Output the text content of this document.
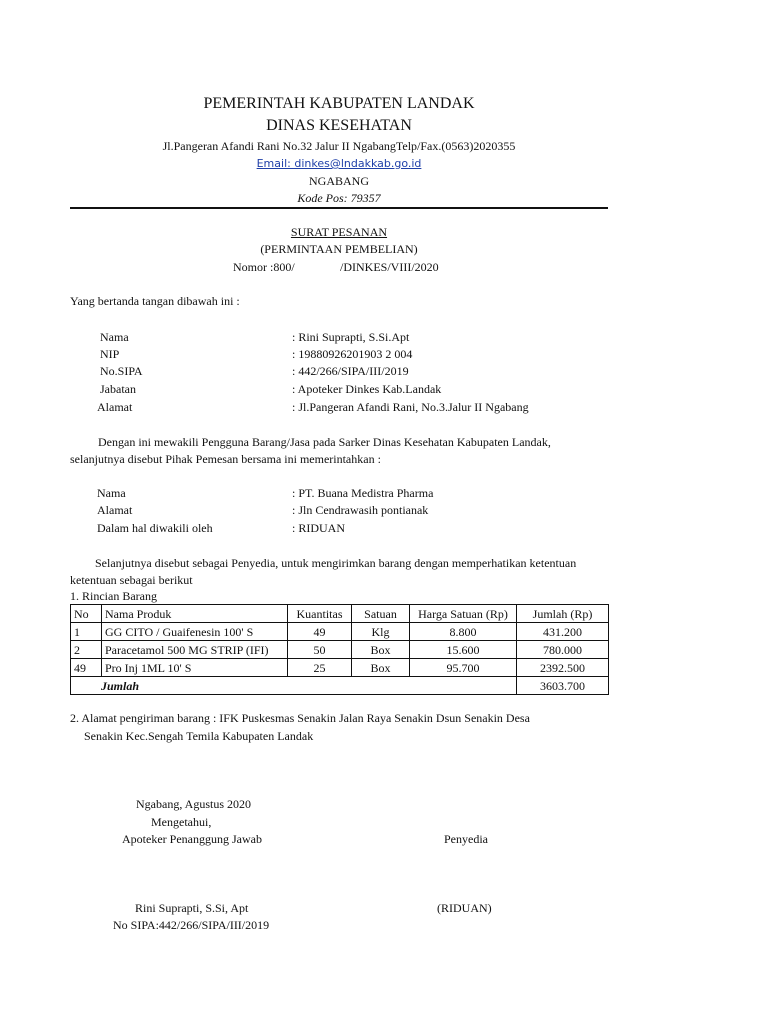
PEMERINTAH KABUPATEN LANDAK
DINAS KESEHATAN
Jl.Pangeran Afandi Rani No.32 Jalur II NgabangTelp/Fax.(0563)2020355
Email: dinkes@lndakkab.go.id
NGABANG
Kode Pos: 79357
SURAT PESANAN
(PERMINTAAN PEMBELIAN)
Nomor :800/	/DINKES/VIII/2020
Yang bertanda tangan dibawah ini :
Nama	: Rini Suprapti, S.Si.Apt
NIP	: 19880926201903 2 004
No.SIPA	: 442/266/SIPA/III/2019
Jabatan	: Apoteker Dinkes Kab.Landak
Alamat	: Jl.Pangeran Afandi Rani, No.3.Jalur II Ngabang
Dengan ini mewakili Pengguna Barang/Jasa pada Sarker Dinas Kesehatan Kabupaten Landak,
selanjutnya disebut Pihak Pemesan bersama ini memerintahkan :
Nama	: PT. Buana Medistra Pharma
Alamat	: Jln Cendrawasih pontianak
Dalam hal diwakili oleh	: RIDUAN
Selanjutnya disebut sebagai Penyedia, untuk mengirimkan barang dengan memperhatikan ketentuan
ketentuan sebagai berikut
1. Rincian Barang
No	Nama Produk	Kuantitas	Satuan	Harga Satuan (Rp)	Jumlah (Rp)
1	GG CITO / Guaifenesin 100' S	49	Klg	8.800	431.200
2	Paracetamol 500 MG STRIP (IFI)	50	Box	15.600	780.000
49	Pro Inj 1ML 10' S	25	Box	95.700	2392.500
Jumlah					3603.700
2. Alamat pengiriman barang : IFK Puskesmas Senakin Jalan Raya Senakin Dsun Senakin Desa
Senakin Kec.Sengah Temila Kabupaten Landak
Ngabang, Agustus 2020
Mengetahui,
Apoteker Penanggung Jawab	Penyedia
Rini Suprapti, S.Si, Apt
No SIPA:442/266/SIPA/III/2019
(RIDUAN)
